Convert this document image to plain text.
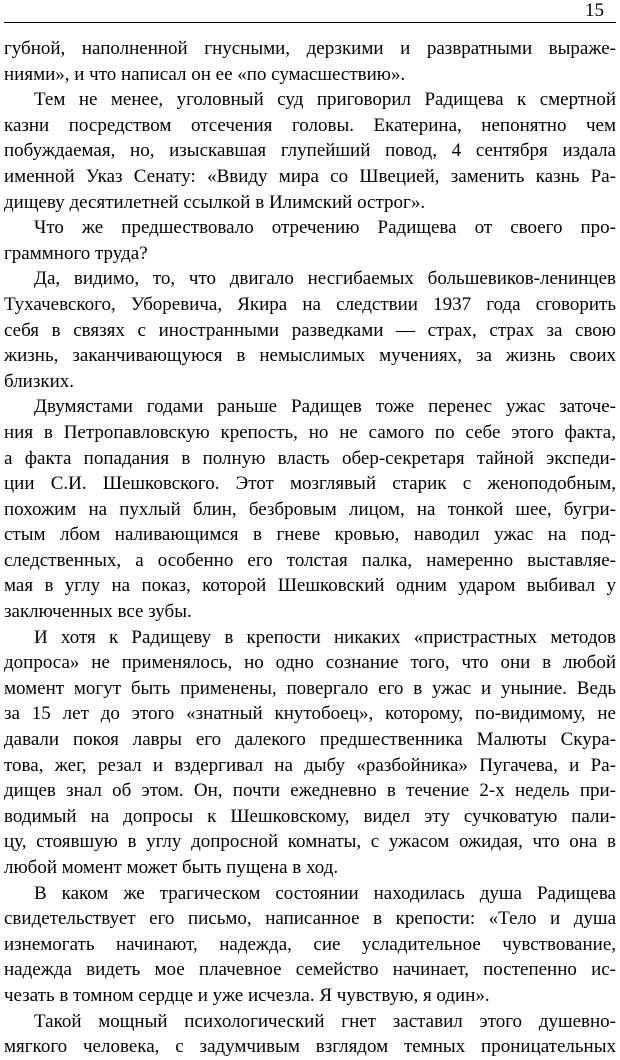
15
губной, наполненной гнусными, дерзкими и развратными выраже-
ниями», и что написал он ее «по сумасшествию».
Тем не менее, уголовный суд приговорил Радищева к смертной
казни посредством отсечения головы. Екатерина, непонятно чем
побуждаемая, но, изыскавшая глупейший повод, 4 сентября издала
именной Указ Сенату: «Ввиду мира со Швецией, заменить казнь Ра-
дищеву десятилетней ссылкой в Илимский острог».
Что же предшествовало отречению Радищева от своего про-
граммного труда?
Да, видимо, то, что двигало несгибаемых большевиков-ленинцев
Тухачевского, Уборевича, Якира на следствии 1937 года сговорить
себя в связях с иностранными разведками — страх, страх за свою
жизнь, заканчивающуюся в немыслимых мучениях, за жизнь своих
близких.
Двумястами годами раньше Радищев тоже перенес ужас заточе-
ния в Петропавловскую крепость, но не самого по себе этого факта,
а факта попадания в полную власть обер-секретаря тайной экспеди-
ции С.И. Шешковского. Этот мозглявый старик с женоподобным,
похожим на пухлый блин, безбровым лицом, на тонкой шее, бугри-
стым лбом наливающимся в гневе кровью, наводил ужас на под-
следственных, а особенно его толстая палка, намеренно выставляе-
мая в углу на показ, которой Шешковский одним ударом выбивал у
заключенных все зубы.
И хотя к Радищеву в крепости никаких «пристрастных методов
допроса» не применялось, но одно сознание того, что они в любой
момент могут быть применены, повергало его в ужас и уныние. Ведь
за 15 лет до этого «знатный кнутобоец», которому, по-видимому, не
давали покоя лавры его далекого предшественника Малюты Скура-
това, жег, резал и вздергивал на дыбу «разбойника» Пугачева, и Ра-
дищев знал об этом. Он, почти ежедневно в течение 2-х недель при-
водимый на допросы к Шешковскому, видел эту сучковатую пали-
цу, стоявшую в углу допросной комнаты, с ужасом ожидая, что она в
любой момент может быть пущена в ход.
В каком же трагическом состоянии находилась душа Радищева
свидетельствует его письмо, написанное в крепости: «Тело и душа
изнемогать начинают, надежда, сие усладительное чувствование,
надежда видеть мое плачевное семейство начинает, постепенно ис-
чезать в томном сердце и уже исчезла. Я чувствую, я один».
Такой мощный психологический гнет заставил этого душевно-
мягкого человека, с задумчивым взглядом темных проницательных
